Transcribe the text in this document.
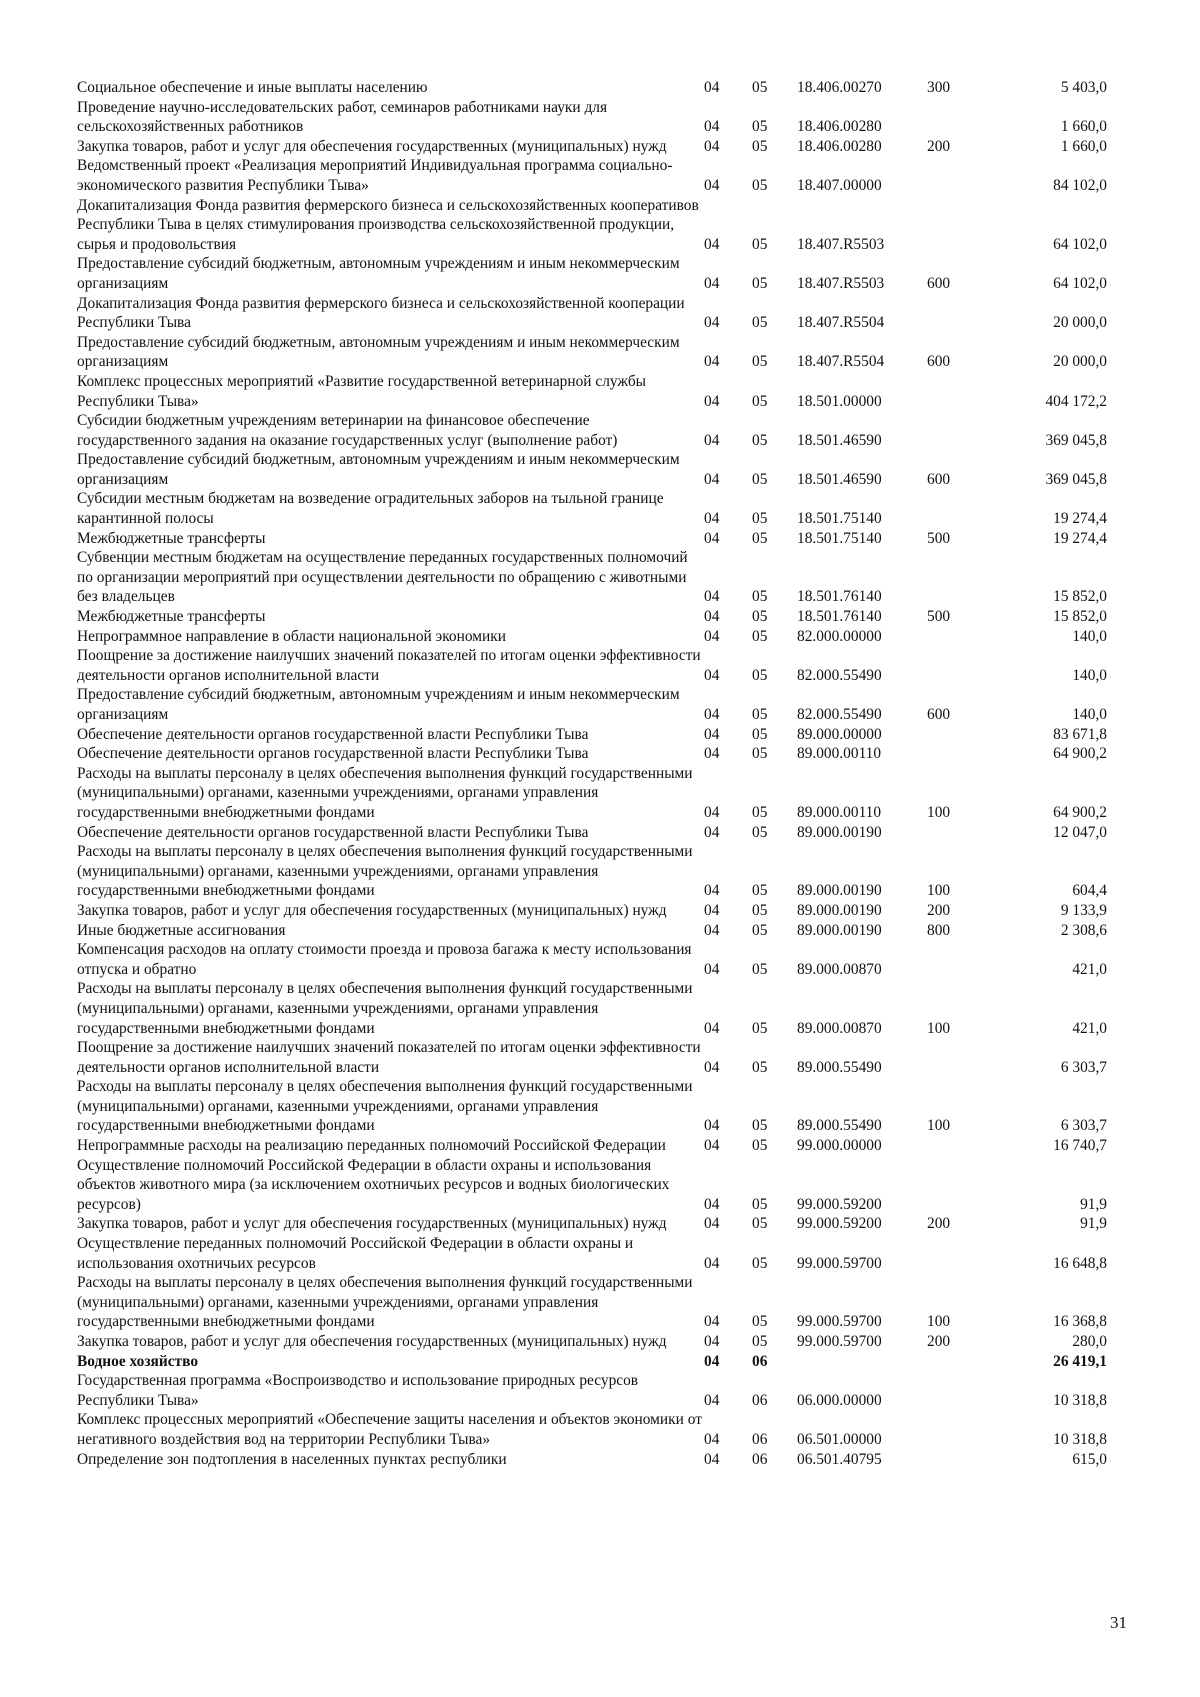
Социальное обеспечение и иные выплаты населению	04	05	18.406.00270	300	5 403,0
Проведение научно-исследовательских работ, семинаров работниками науки для сельскохозяйственных работников	04	05	18.406.00280		1 660,0
Закупка товаров, работ и услуг для обеспечения государственных (муниципальных) нужд	04	05	18.406.00280	200	1 660,0
Ведомственный проект «Реализация мероприятий Индивидуальная программа социально-экономического развития Республики Тыва»	04	05	18.407.00000		84 102,0
Докапитализация Фонда развития фермерского бизнеса и сельскохозяйственных кооперативов Республики Тыва в целях стимулирования производства сельскохозяйственной продукции, сырья и продовольствия	04	05	18.407.R5503		64 102,0
Предоставление субсидий бюджетным, автономным учреждениям и иным некоммерческим организациям	04	05	18.407.R5503	600	64 102,0
Докапитализация Фонда развития фермерского бизнеса и сельскохозяйственной кооперации Республики Тыва	04	05	18.407.R5504		20 000,0
Предоставление субсидий бюджетным, автономным учреждениям и иным некоммерческим организациям	04	05	18.407.R5504	600	20 000,0
Комплекс процессных мероприятий «Развитие государственной ветеринарной службы Республики Тыва»	04	05	18.501.00000		404 172,2
Субсидии бюджетным учреждениям ветеринарии на финансовое обеспечение государственного задания на оказание государственных услуг (выполнение работ)	04	05	18.501.46590		369 045,8
Предоставление субсидий бюджетным, автономным учреждениям и иным некоммерческим организациям	04	05	18.501.46590	600	369 045,8
Субсидии местным бюджетам на возведение оградительных заборов на тыльной границе карантинной полосы	04	05	18.501.75140		19 274,4
Межбюджетные трансферты	04	05	18.501.75140	500	19 274,4
Субвенции местным бюджетам на осуществление переданных государственных полномочий по организации мероприятий при осуществлении деятельности по обращению с животными без владельцев	04	05	18.501.76140		15 852,0
Межбюджетные трансферты	04	05	18.501.76140	500	15 852,0
Непрограммное направление в области национальной экономики	04	05	82.000.00000		140,0
Поощрение за достижение наилучших значений показателей по итогам оценки эффективности деятельности органов исполнительной власти	04	05	82.000.55490		140,0
Предоставление субсидий бюджетным, автономным учреждениям и иным некоммерческим организациям	04	05	82.000.55490	600	140,0
Обеспечение деятельности органов государственной власти Республики Тыва	04	05	89.000.00000		83 671,8
Обеспечение деятельности органов государственной власти Республики Тыва	04	05	89.000.00110		64 900,2
Расходы на выплаты персоналу в целях обеспечения выполнения функций государственными (муниципальными) органами, казенными учреждениями, органами управления государственными внебюджетными фондами	04	05	89.000.00110	100	64 900,2
Обеспечение деятельности органов государственной власти Республики Тыва	04	05	89.000.00190		12 047,0
Расходы на выплаты персоналу в целях обеспечения выполнения функций государственными (муниципальными) органами, казенными учреждениями, органами управления государственными внебюджетными фондами	04	05	89.000.00190	100	604,4
Закупка товаров, работ и услуг для обеспечения государственных (муниципальных) нужд	04	05	89.000.00190	200	9 133,9
Иные бюджетные ассигнования	04	05	89.000.00190	800	2 308,6
Компенсация расходов на оплату стоимости проезда и провоза багажа к месту использования отпуска и обратно	04	05	89.000.00870		421,0
Расходы на выплаты персоналу в целях обеспечения выполнения функций государственными (муниципальными) органами, казенными учреждениями, органами управления государственными внебюджетными фондами	04	05	89.000.00870	100	421,0
Поощрение за достижение наилучших значений показателей по итогам оценки эффективности деятельности органов исполнительной власти	04	05	89.000.55490		6 303,7
Расходы на выплаты персоналу в целях обеспечения выполнения функций государственными (муниципальными) органами, казенными учреждениями, органами управления государственными внебюджетными фондами	04	05	89.000.55490	100	6 303,7
Непрограммные расходы на реализацию переданных полномочий Российской Федерации	04	05	99.000.00000		16 740,7
Осуществление полномочий Российской Федерации в области охраны и использования объектов животного мира (за исключением охотничьих ресурсов и водных биологических ресурсов)	04	05	99.000.59200		91,9
Закупка товаров, работ и услуг для обеспечения государственных (муниципальных) нужд	04	05	99.000.59200	200	91,9
Осуществление переданных полномочий Российской Федерации в области охраны и использования охотничьих ресурсов	04	05	99.000.59700		16 648,8
Расходы на выплаты персоналу в целях обеспечения выполнения функций государственными (муниципальными) органами, казенными учреждениями, органами управления государственными внебюджетными фондами	04	05	99.000.59700	100	16 368,8
Закупка товаров, работ и услуг для обеспечения государственных (муниципальных) нужд	04	05	99.000.59700	200	280,0
Водное хозяйство	04	06			26 419,1
Государственная программа «Воспроизводство и использование природных ресурсов Республики Тыва»	04	06	06.000.00000		10 318,8
Комплекс процессных мероприятий «Обеспечение защиты населения и объектов экономики от негативного воздействия вод на территории Республики Тыва»	04	06	06.501.00000		10 318,8
Определение зон подтопления в населенных пунктах республики	04	06	06.501.40795		615,0
31
